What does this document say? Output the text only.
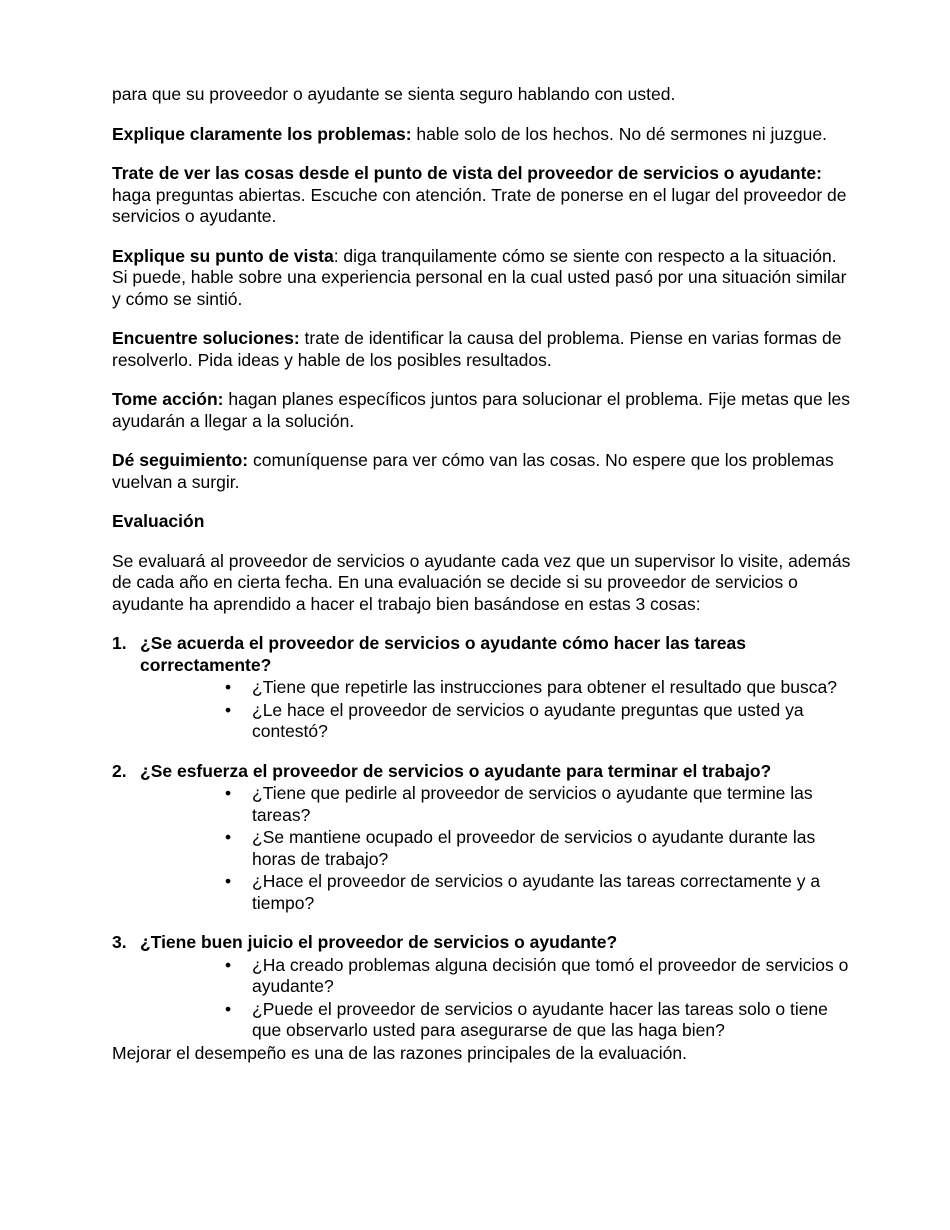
para que su proveedor o ayudante se sienta seguro hablando con usted.

Explique claramente los problemas: hable solo de los hechos. No dé sermones ni juzgue.

Trate de ver las cosas desde el punto de vista del proveedor de servicios o ayudante: haga preguntas abiertas. Escuche con atención. Trate de ponerse en el lugar del proveedor de servicios o ayudante.

Explique su punto de vista: diga tranquilamente cómo se siente con respecto a la situación. Si puede, hable sobre una experiencia personal en la cual usted pasó por una situación similar y cómo se sintió.

Encuentre soluciones: trate de identificar la causa del problema. Piense en varias formas de resolverlo. Pida ideas y hable de los posibles resultados.

Tome acción: hagan planes específicos juntos para solucionar el problema. Fije metas que les ayudarán a llegar a la solución.

Dé seguimiento: comuníquense para ver cómo van las cosas. No espere que los problemas vuelvan a surgir.

Evaluación

Se evaluará al proveedor de servicios o ayudante cada vez que un supervisor lo visite, además de cada año en cierta fecha. En una evaluación se decide si su proveedor de servicios o ayudante ha aprendido a hacer el trabajo bien basándose en estas 3 cosas:

1. ¿Se acuerda el proveedor de servicios o ayudante cómo hacer las tareas correctamente?
•	¿Tiene que repetirle las instrucciones para obtener el resultado que busca?
•	¿Le hace el proveedor de servicios o ayudante preguntas que usted ya contestó?
2. ¿Se esfuerza el proveedor de servicios o ayudante para terminar el trabajo?
•	¿Tiene que pedirle al proveedor de servicios o ayudante que termine las tareas?
•	¿Se mantiene ocupado el proveedor de servicios o ayudante durante las horas de trabajo?
•	¿Hace el proveedor de servicios o ayudante las tareas correctamente y a tiempo?
3. ¿Tiene buen juicio el proveedor de servicios o ayudante?
•	¿Ha creado problemas alguna decisión que tomó el proveedor de servicios o ayudante?
•	¿Puede el proveedor de servicios o ayudante hacer las tareas solo o tiene que observarlo usted para asegurarse de que las haga bien?
Mejorar el desempeño es una de las razones principales de la evaluación.
